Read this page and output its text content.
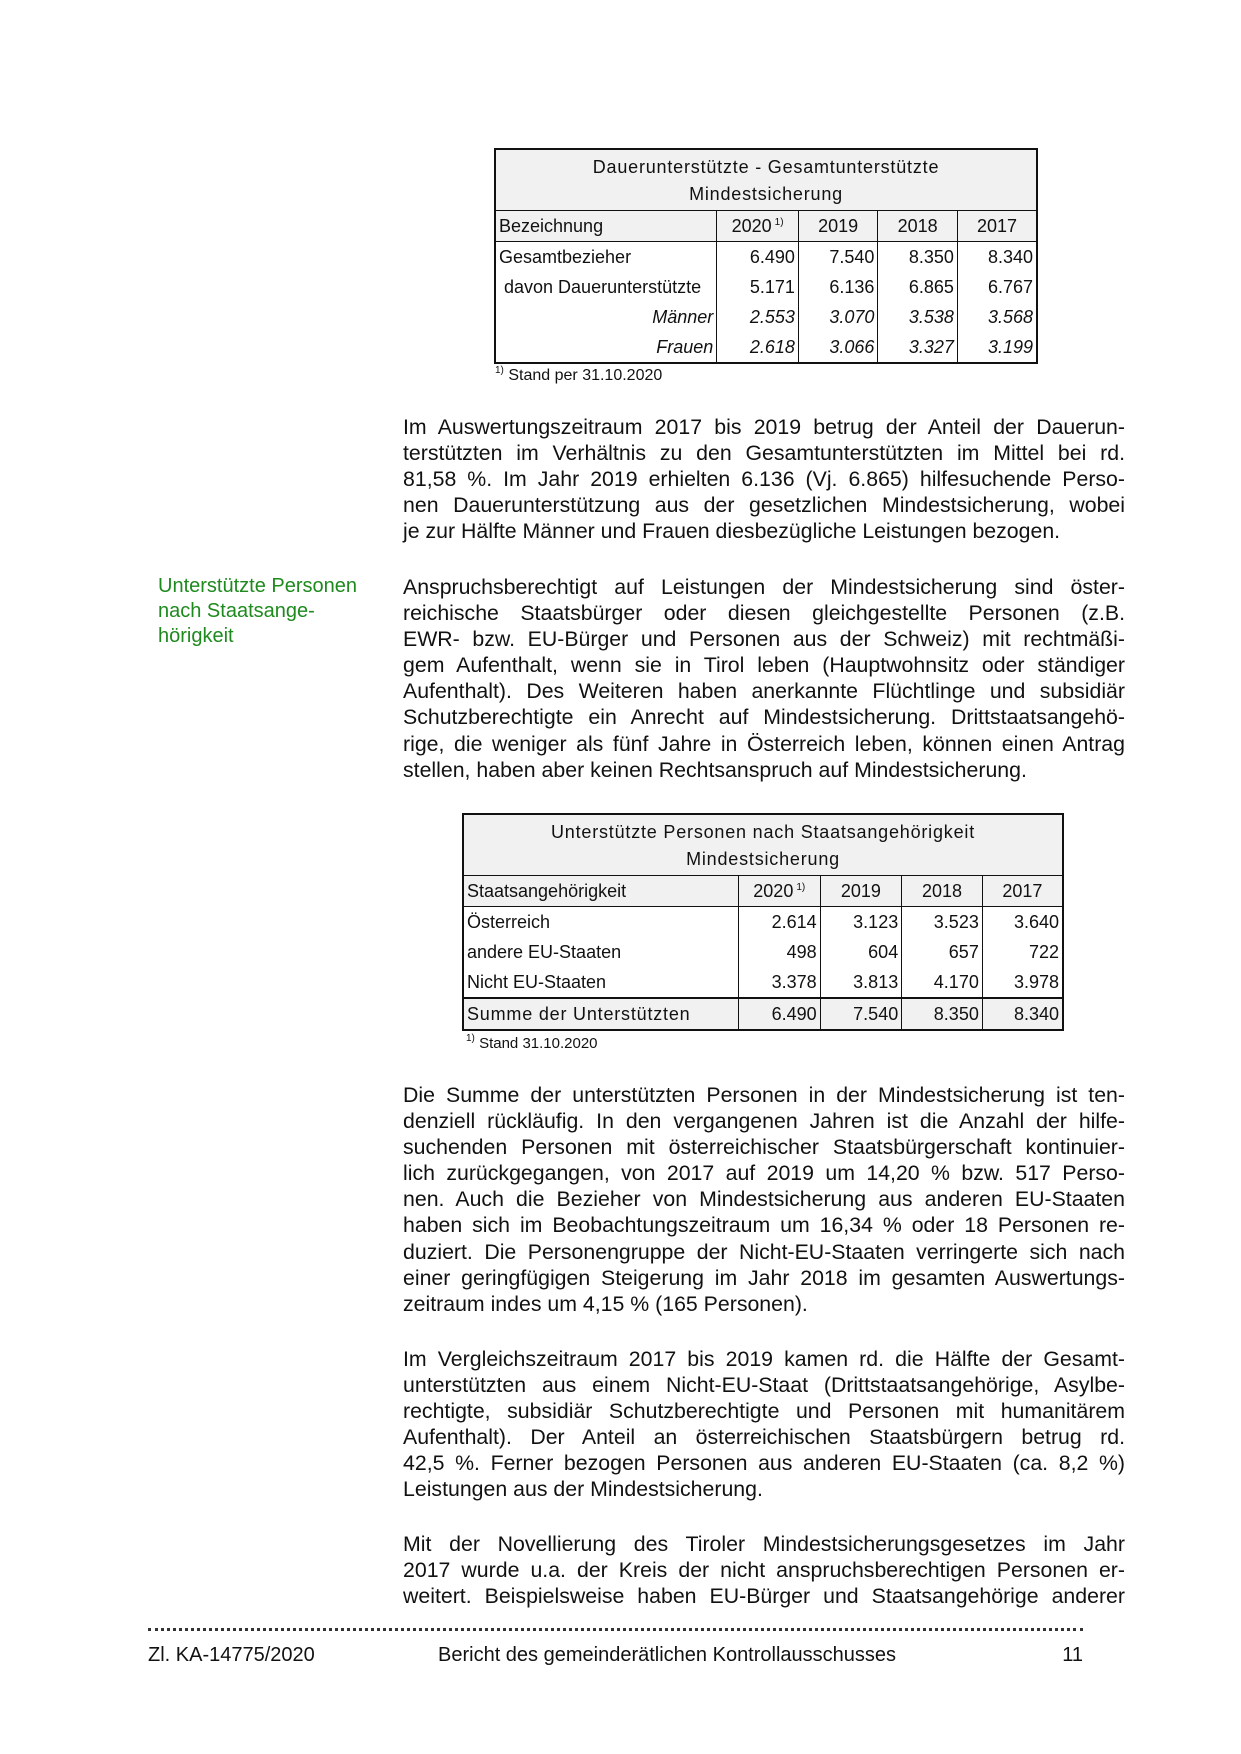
Dauerunterstützte - Gesamtunterstützte
Mindestsicherung				
Bezeichnung	2020 $^{1)}$	2019	2018	2017
Gesamtbezieher	6.490	7.540	8.350	8.340
davon Dauerunterstützte	5.171	6.136	6.865	6.767
Männer	2.553	3.070	3.538	3.568
Frauen	2.618	3.066	3.327	3.199
$^{1)}$ Stand per 31.10.2020
Im Auswertungszeitraum 2017 bis 2019 betrug der Anteil der Dauerun-
terstützten im Verhältnis zu den Gesamtunterstützten im Mittel bei rd.
81,58 %. Im Jahr 2019 erhielten 6.136 (Vj. 6.865) hilfesuchende Perso-
nen Dauerunterstützung aus der gesetzlichen Mindestsicherung, wobei
je zur Hälfte Männer und Frauen diesbezügliche Leistungen bezogen.
Unterstützte Personen
nach Staatsange-
hörigkeit
Anspruchsberechtigt auf Leistungen der Mindestsicherung sind öster-
reichische Staatsbürger oder diesen gleichgestellte Personen (z.B.
EWR- bzw. EU-Bürger und Personen aus der Schweiz) mit rechtmäßi-
gem Aufenthalt, wenn sie in Tirol leben (Hauptwohnsitz oder ständiger
Aufenthalt). Des Weiteren haben anerkannte Flüchtlinge und subsidiär
Schutzberechtigte ein Anrecht auf Mindestsicherung. Drittstaatsangehö-
rige, die weniger als fünf Jahre in Österreich leben, können einen Antrag
stellen, haben aber keinen Rechtsanspruch auf Mindestsicherung.
Unterstützte Personen nach Staatsangehörigkeit
Mindestsicherung				
Staatsangehörigkeit	2020 $^{1)}$	2019	2018	2017
Österreich	2.614	3.123	3.523	3.640
andere EU-Staaten	498	604	657	722
Nicht EU-Staaten	3.378	3.813	4.170	3.978
Summe der Unterstützten	6.490	7.540	8.350	8.340
$^{1)}$ Stand 31.10.2020
Die Summe der unterstützten Personen in der Mindestsicherung ist ten-
denziell rückläufig. In den vergangenen Jahren ist die Anzahl der hilfe-
suchenden Personen mit österreichischer Staatsbürgerschaft kontinuier-
lich zurückgegangen, von 2017 auf 2019 um 14,20 % bzw. 517 Perso-
nen. Auch die Bezieher von Mindestsicherung aus anderen EU-Staaten
haben sich im Beobachtungszeitraum um 16,34 % oder 18 Personen re-
duziert. Die Personengruppe der Nicht-EU-Staaten verringerte sich nach
einer geringfügigen Steigerung im Jahr 2018 im gesamten Auswertungs-
zeitraum indes um 4,15 % (165 Personen).
Im Vergleichszeitraum 2017 bis 2019 kamen rd. die Hälfte der Gesamt-
unterstützten aus einem Nicht-EU-Staat (Drittstaatsangehörige, Asylbe-
rechtigte, subsidiär Schutzberechtigte und Personen mit humanitärem
Aufenthalt). Der Anteil an österreichischen Staatsbürgern betrug rd.
42,5 %. Ferner bezogen Personen aus anderen EU-Staaten (ca. 8,2 %)
Leistungen aus der Mindestsicherung.
Mit der Novellierung des Tiroler Mindestsicherungsgesetzes im Jahr
2017 wurde u.a. der Kreis der nicht anspruchsberechtigen Personen er-
weitert. Beispielsweise haben EU-Bürger und Staatsangehörige anderer
Zl. KA-14775/2020	Bericht des gemeinderätlichen Kontrollausschusses	11
